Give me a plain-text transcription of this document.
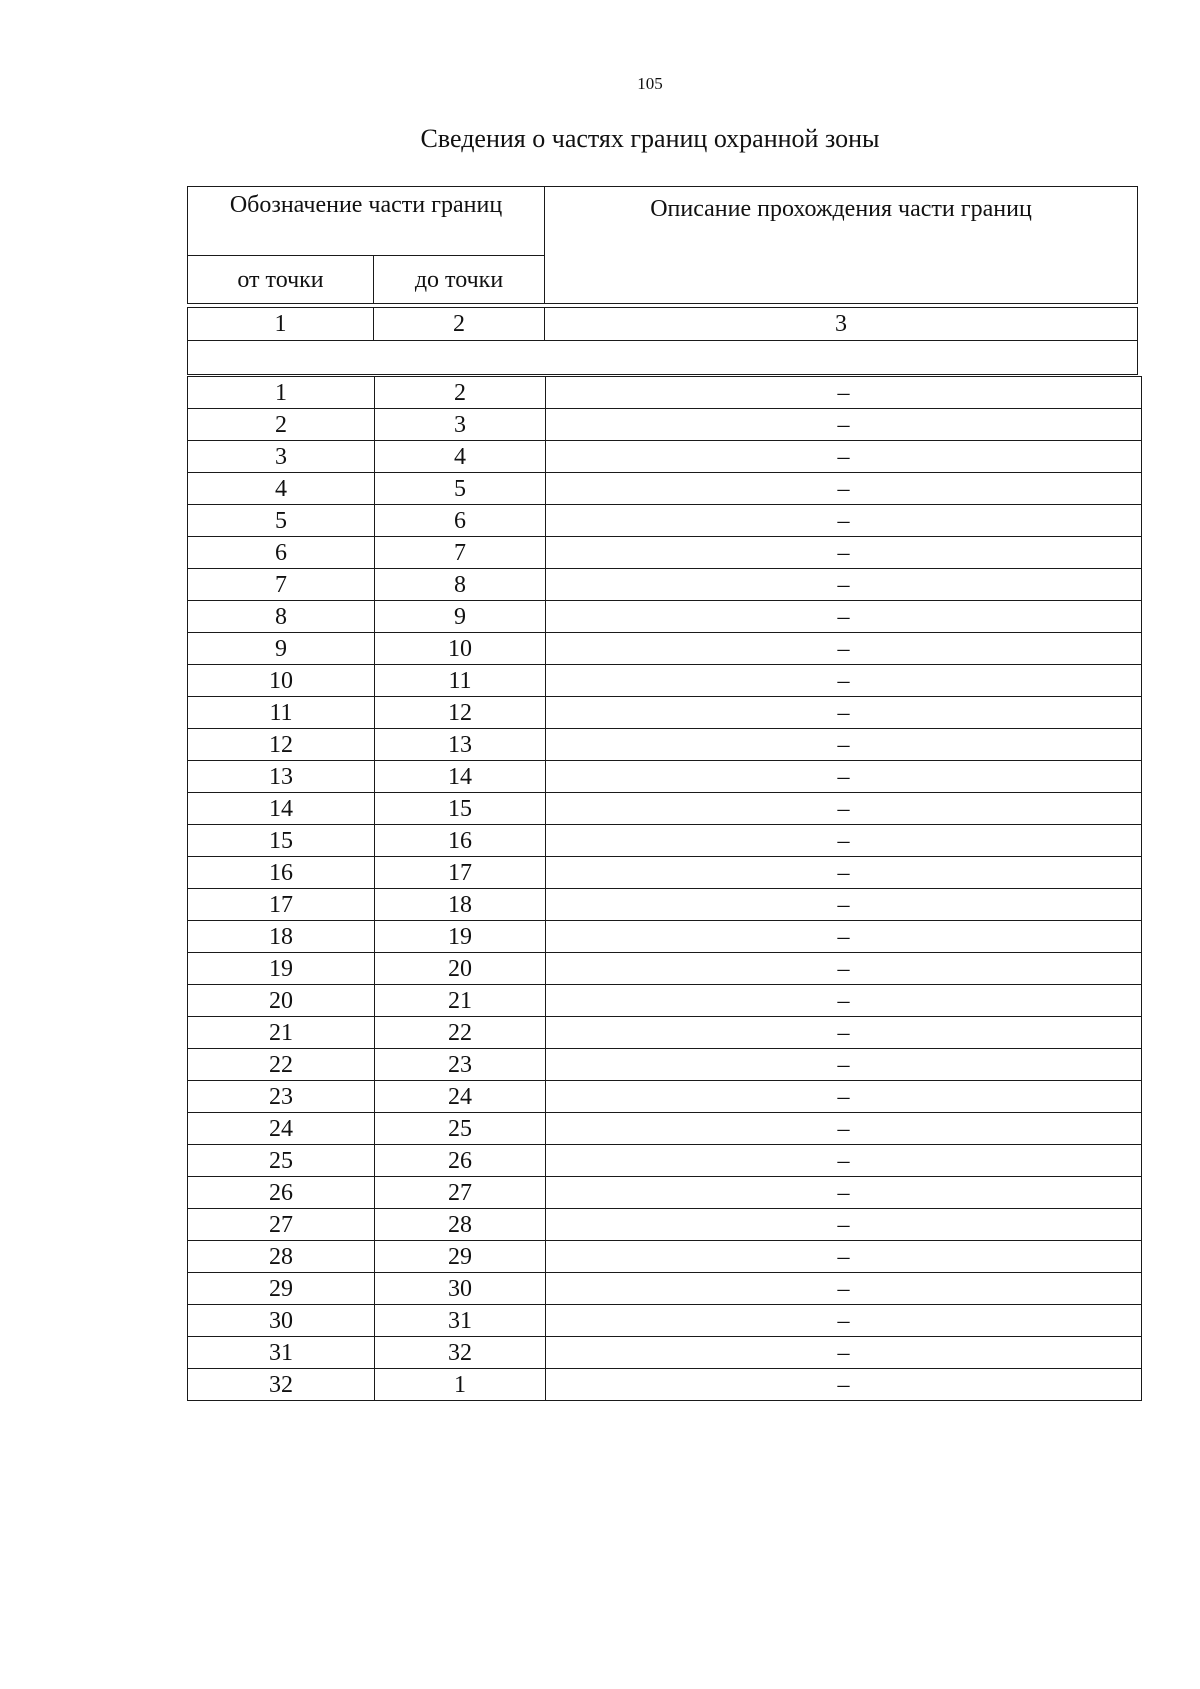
105
Сведения о частях границ охранной зоны
Обозначение части границ		Описание прохождения части границ
от точки	до точки	
1	2	3

1	2	–
2	3	–
3	4	–
4	5	–
5	6	–
6	7	–
7	8	–
8	9	–
9	10	–
10	11	–
11	12	–
12	13	–
13	14	–
14	15	–
15	16	–
16	17	–
17	18	–
18	19	–
19	20	–
20	21	–
21	22	–
22	23	–
23	24	–
24	25	–
25	26	–
26	27	–
27	28	–
28	29	–
29	30	–
30	31	–
31	32	–
32	1	–
